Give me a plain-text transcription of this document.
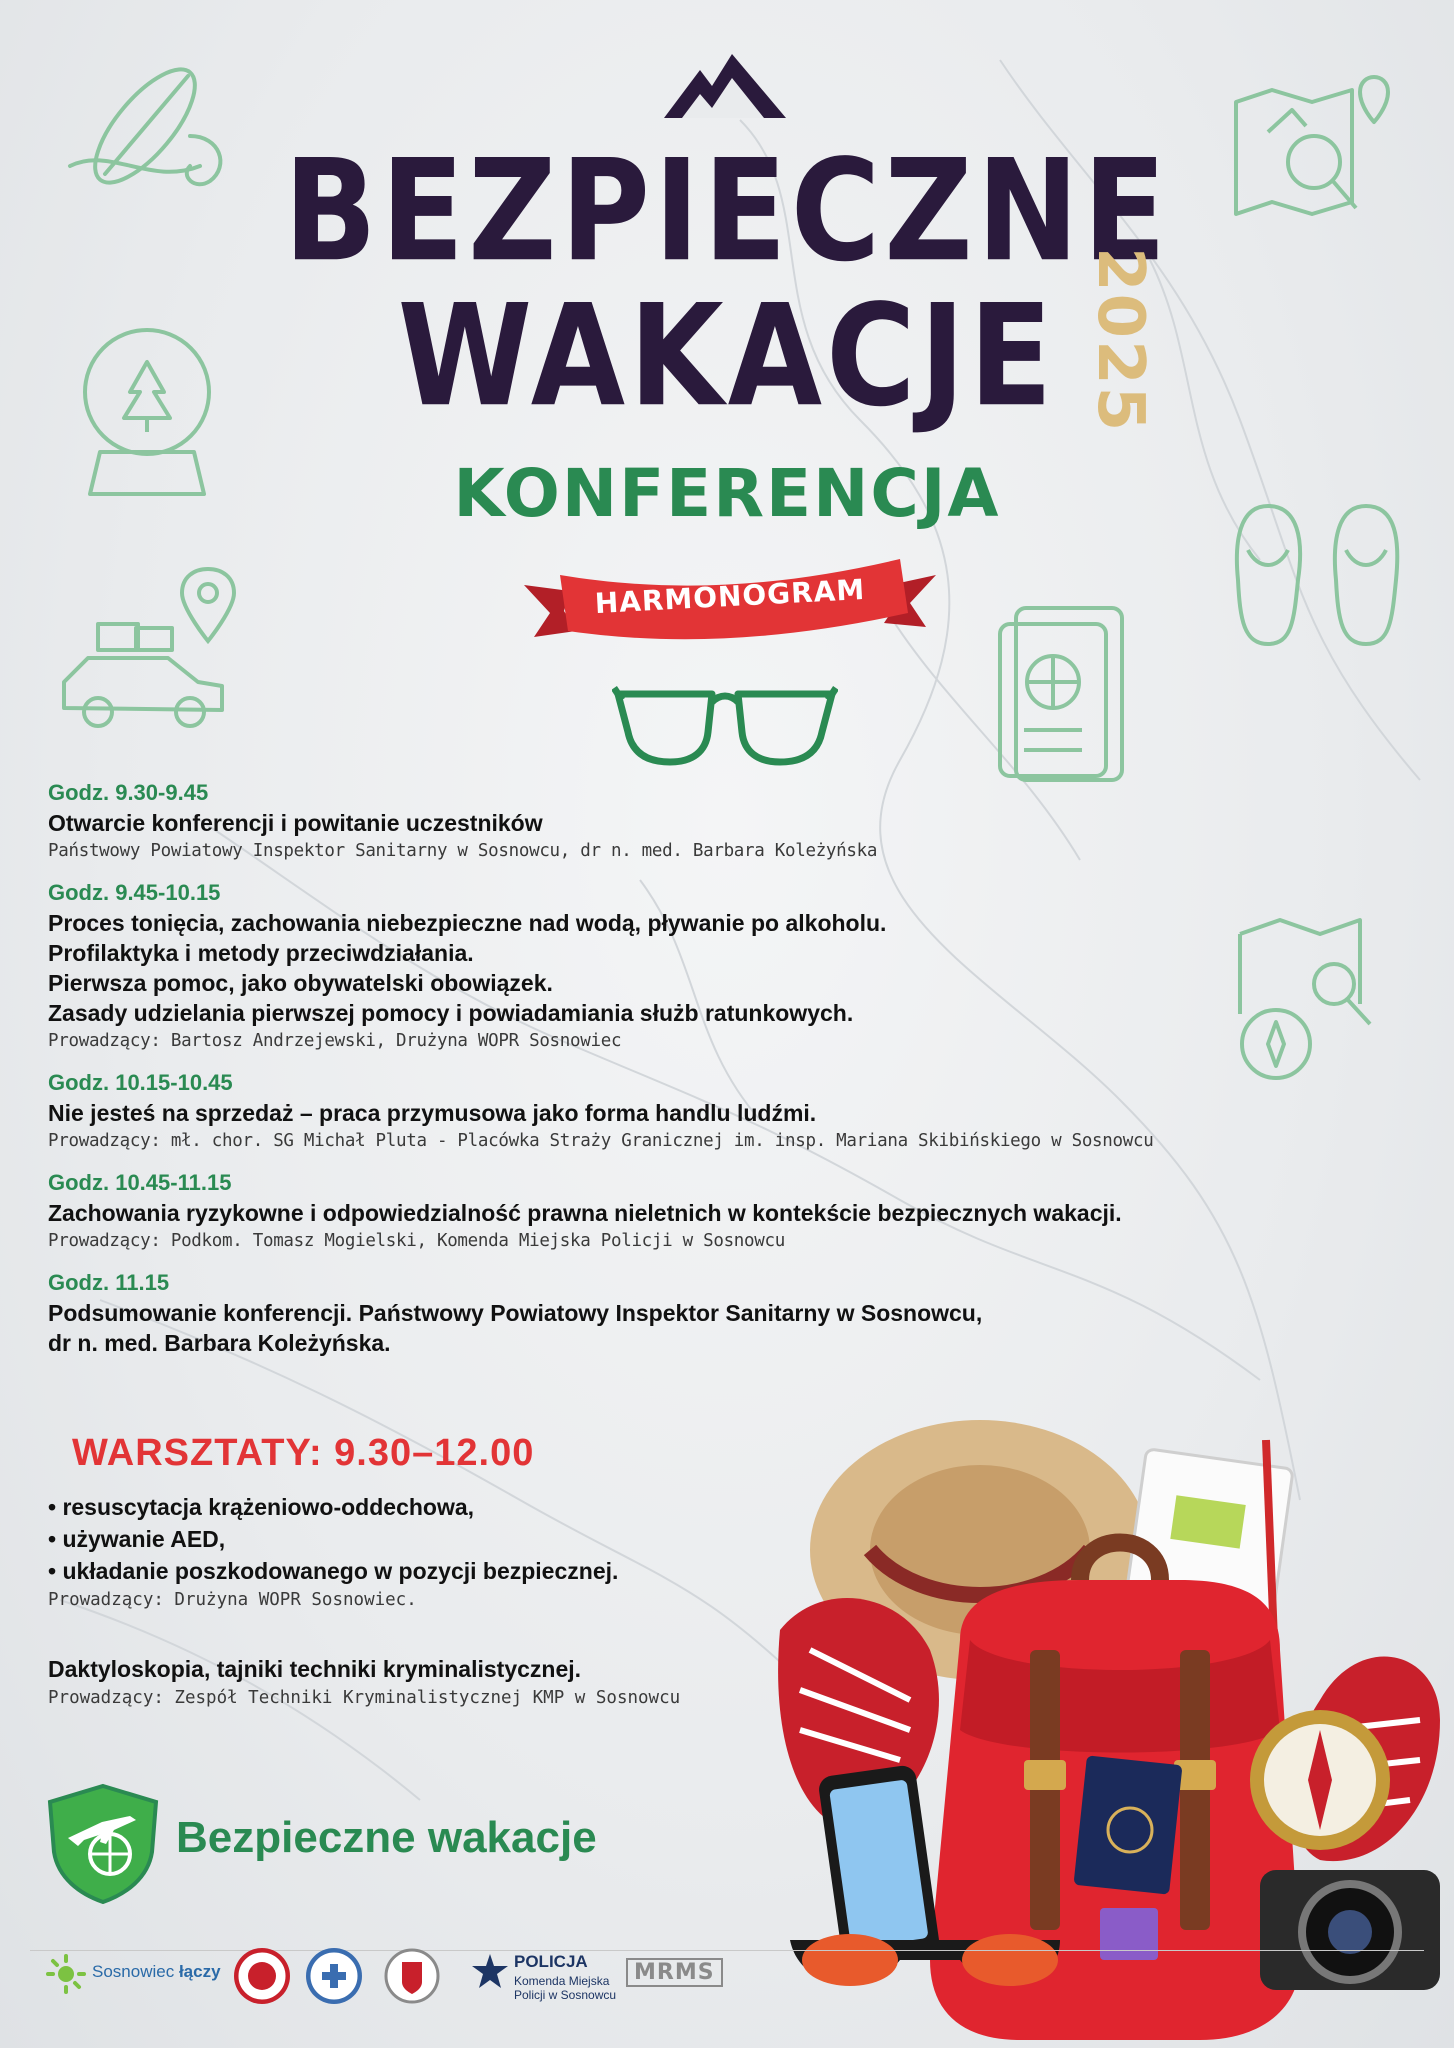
BEZPIECZNE
WAKACJE 2025
KONFERENCJA
HARMONOGRAM
Godz. 9.30-9.45
Otwarcie konferencji i powitanie uczestników
Państwowy Powiatowy Inspektor Sanitarny w Sosnowcu, dr n. med. Barbara Koleżyńska
Godz. 9.45-10.15
Proces tonięcia, zachowania niebezpieczne nad wodą, pływanie po alkoholu.
Profilaktyka i metody przeciwdziałania.
Pierwsza pomoc, jako obywatelski obowiązek.
Zasady udzielania pierwszej pomocy i powiadamiania służb ratunkowych.
Prowadzący: Bartosz Andrzejewski, Drużyna WOPR Sosnowiec
Godz. 10.15-10.45
Nie jesteś na sprzedaż – praca przymusowa jako forma handlu ludźmi.
Prowadzący: mł. chor. SG Michał Pluta - Placówka Straży Granicznej im. insp. Mariana Skibińskiego w Sosnowcu
Godz. 10.45-11.15
Zachowania ryzykowne i odpowiedzialność prawna nieletnich w kontekście bezpiecznych wakacji.
Prowadzący: Podkom. Tomasz Mogielski, Komenda Miejska Policji w Sosnowcu
Godz. 11.15
Podsumowanie konferencji. Państwowy Powiatowy Inspektor Sanitarny w Sosnowcu,
dr n. med. Barbara Koleżyńska.
WARSZTATY: 9.30–12.00
• resuscytacja krążeniowo-oddechowa,
• używanie AED,
• układanie poszkodowanego w pozycji bezpiecznej.
Prowadzący: Drużyna WOPR Sosnowiec.
Daktyloskopia, tajniki techniki kryminalistycznej.
Prowadzący: Zespół Techniki Kryminalistycznej KMP w Sosnowcu
Bezpieczne wakacje
Sosnowiec łączy
POLICJA
Komenda Miejska
Policji w Sosnowcu
MRMS
